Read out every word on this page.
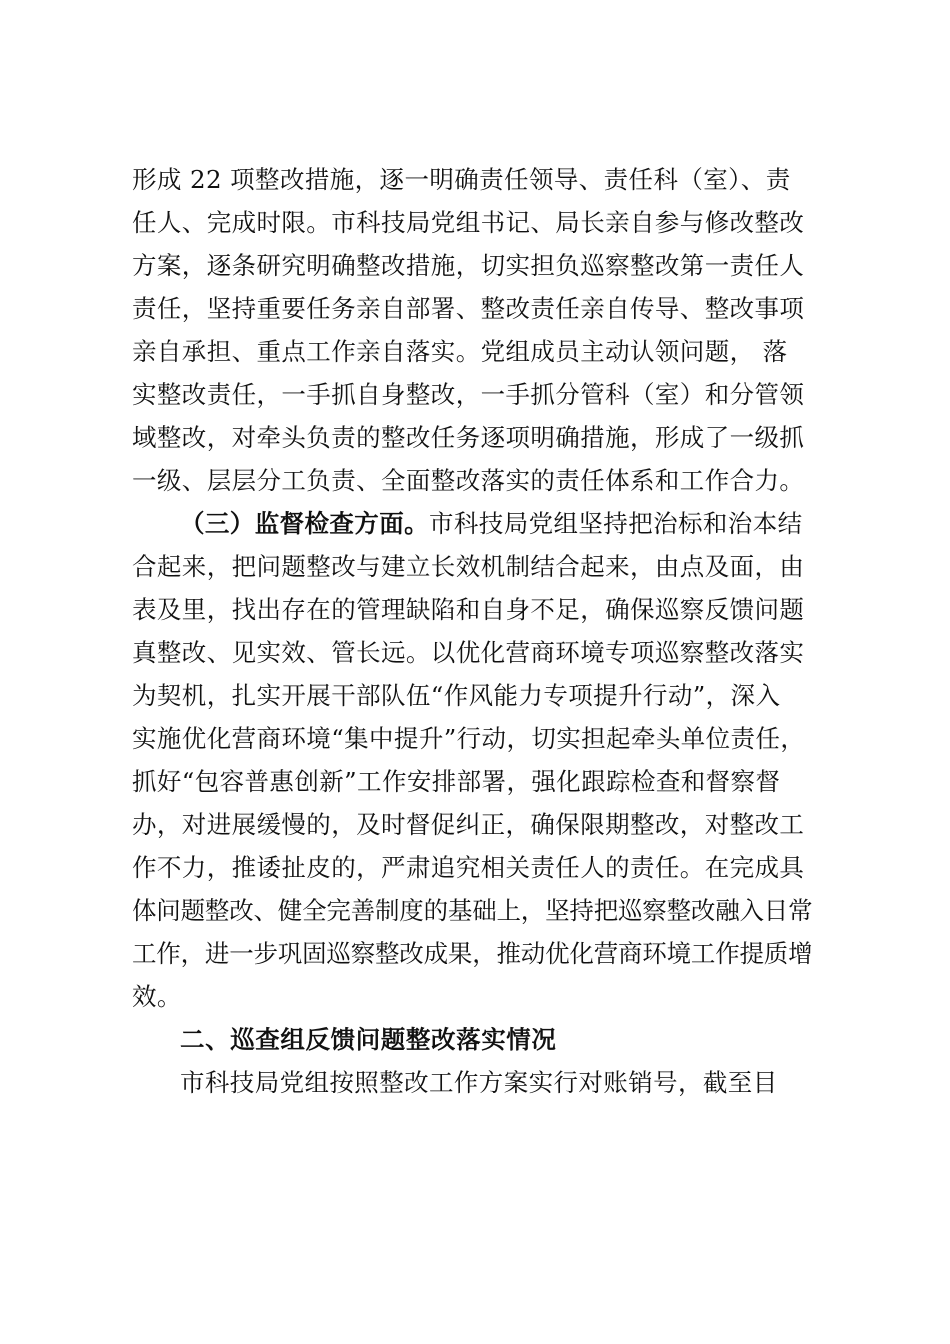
形成 22 项整改措施，逐一明确责任领导、责任科（室）、责
任人、完成时限。市科技局党组书记、局长亲自参与修改整改
方案，逐条研究明确整改措施，切实担负巡察整改第一责任人
责任，坚持重要任务亲自部署、整改责任亲自传导、整改事项
亲自承担、重点工作亲自落实。党组成员主动认领问题， 落
实整改责任，一手抓自身整改，一手抓分管科（室）和分管领
域整改，对牵头负责的整改任务逐项明确措施，形成了一级抓
一级、层层分工负责、全面整改落实的责任体系和工作合力。
（三）监督检查方面。市科技局党组坚持把治标和治本结
合起来，把问题整改与建立长效机制结合起来，由点及面，由
表及里，找出存在的管理缺陷和自身不足，确保巡察反馈问题
真整改、见实效、管长远。以优化营商环境专项巡察整改落实
为契机，扎实开展干部队伍“作风能力专项提升行动”，深入
实施优化营商环境“集中提升”行动，切实担起牵头单位责任，
抓好“包容普惠创新”工作安排部署，强化跟踪检查和督察督
办，对进展缓慢的，及时督促纠正，确保限期整改，对整改工
作不力，推诿扯皮的，严肃追究相关责任人的责任。在完成具
体问题整改、健全完善制度的基础上，坚持把巡察整改融入日常
工作，进一步巩固巡察整改成果，推动优化营商环境工作提质增
效。
二、巡查组反馈问题整改落实情况
市科技局党组按照整改工作方案实行对账销号，截至目
